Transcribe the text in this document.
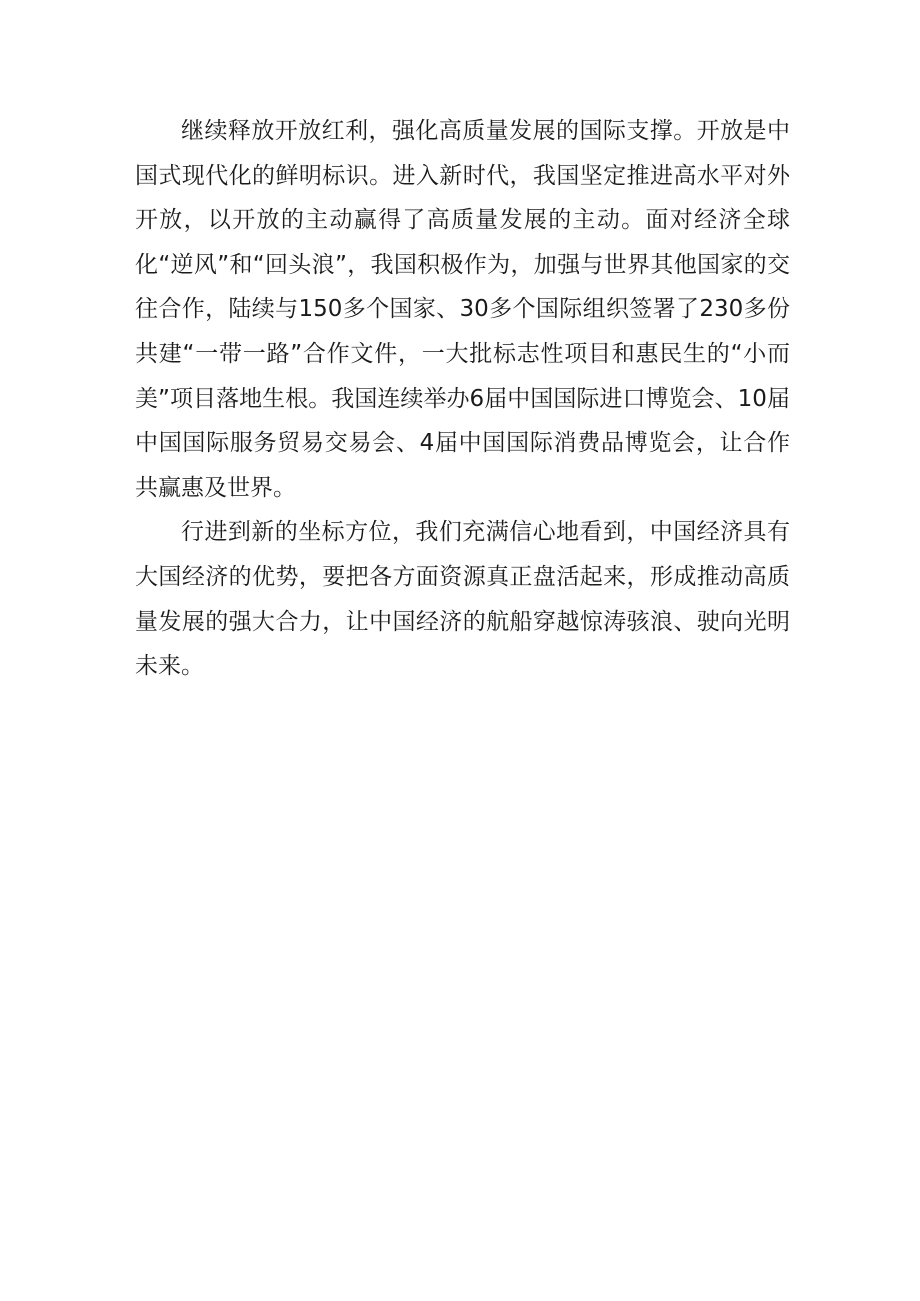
继续释放开放红利，强化高质量发展的国际支撑。开放是中国式现代化的鲜明标识。进入新时代，我国坚定推进高水平对外开放，以开放的主动赢得了高质量发展的主动。面对经济全球化“逆风”和“回头浪”，我国积极作为，加强与世界其他国家的交往合作，陆续与150多个国家、30多个国际组织签署了230多份共建“一带一路”合作文件，一大批标志性项目和惠民生的“小而美”项目落地生根。我国连续举办6届中国国际进口博览会、10届中国国际服务贸易交易会、4届中国国际消费品博览会，让合作共赢惠及世界。

行进到新的坐标方位，我们充满信心地看到，中国经济具有大国经济的优势，要把各方面资源真正盘活起来，形成推动高质量发展的强大合力，让中国经济的航船穿越惊涛骇浪、驶向光明未来。
